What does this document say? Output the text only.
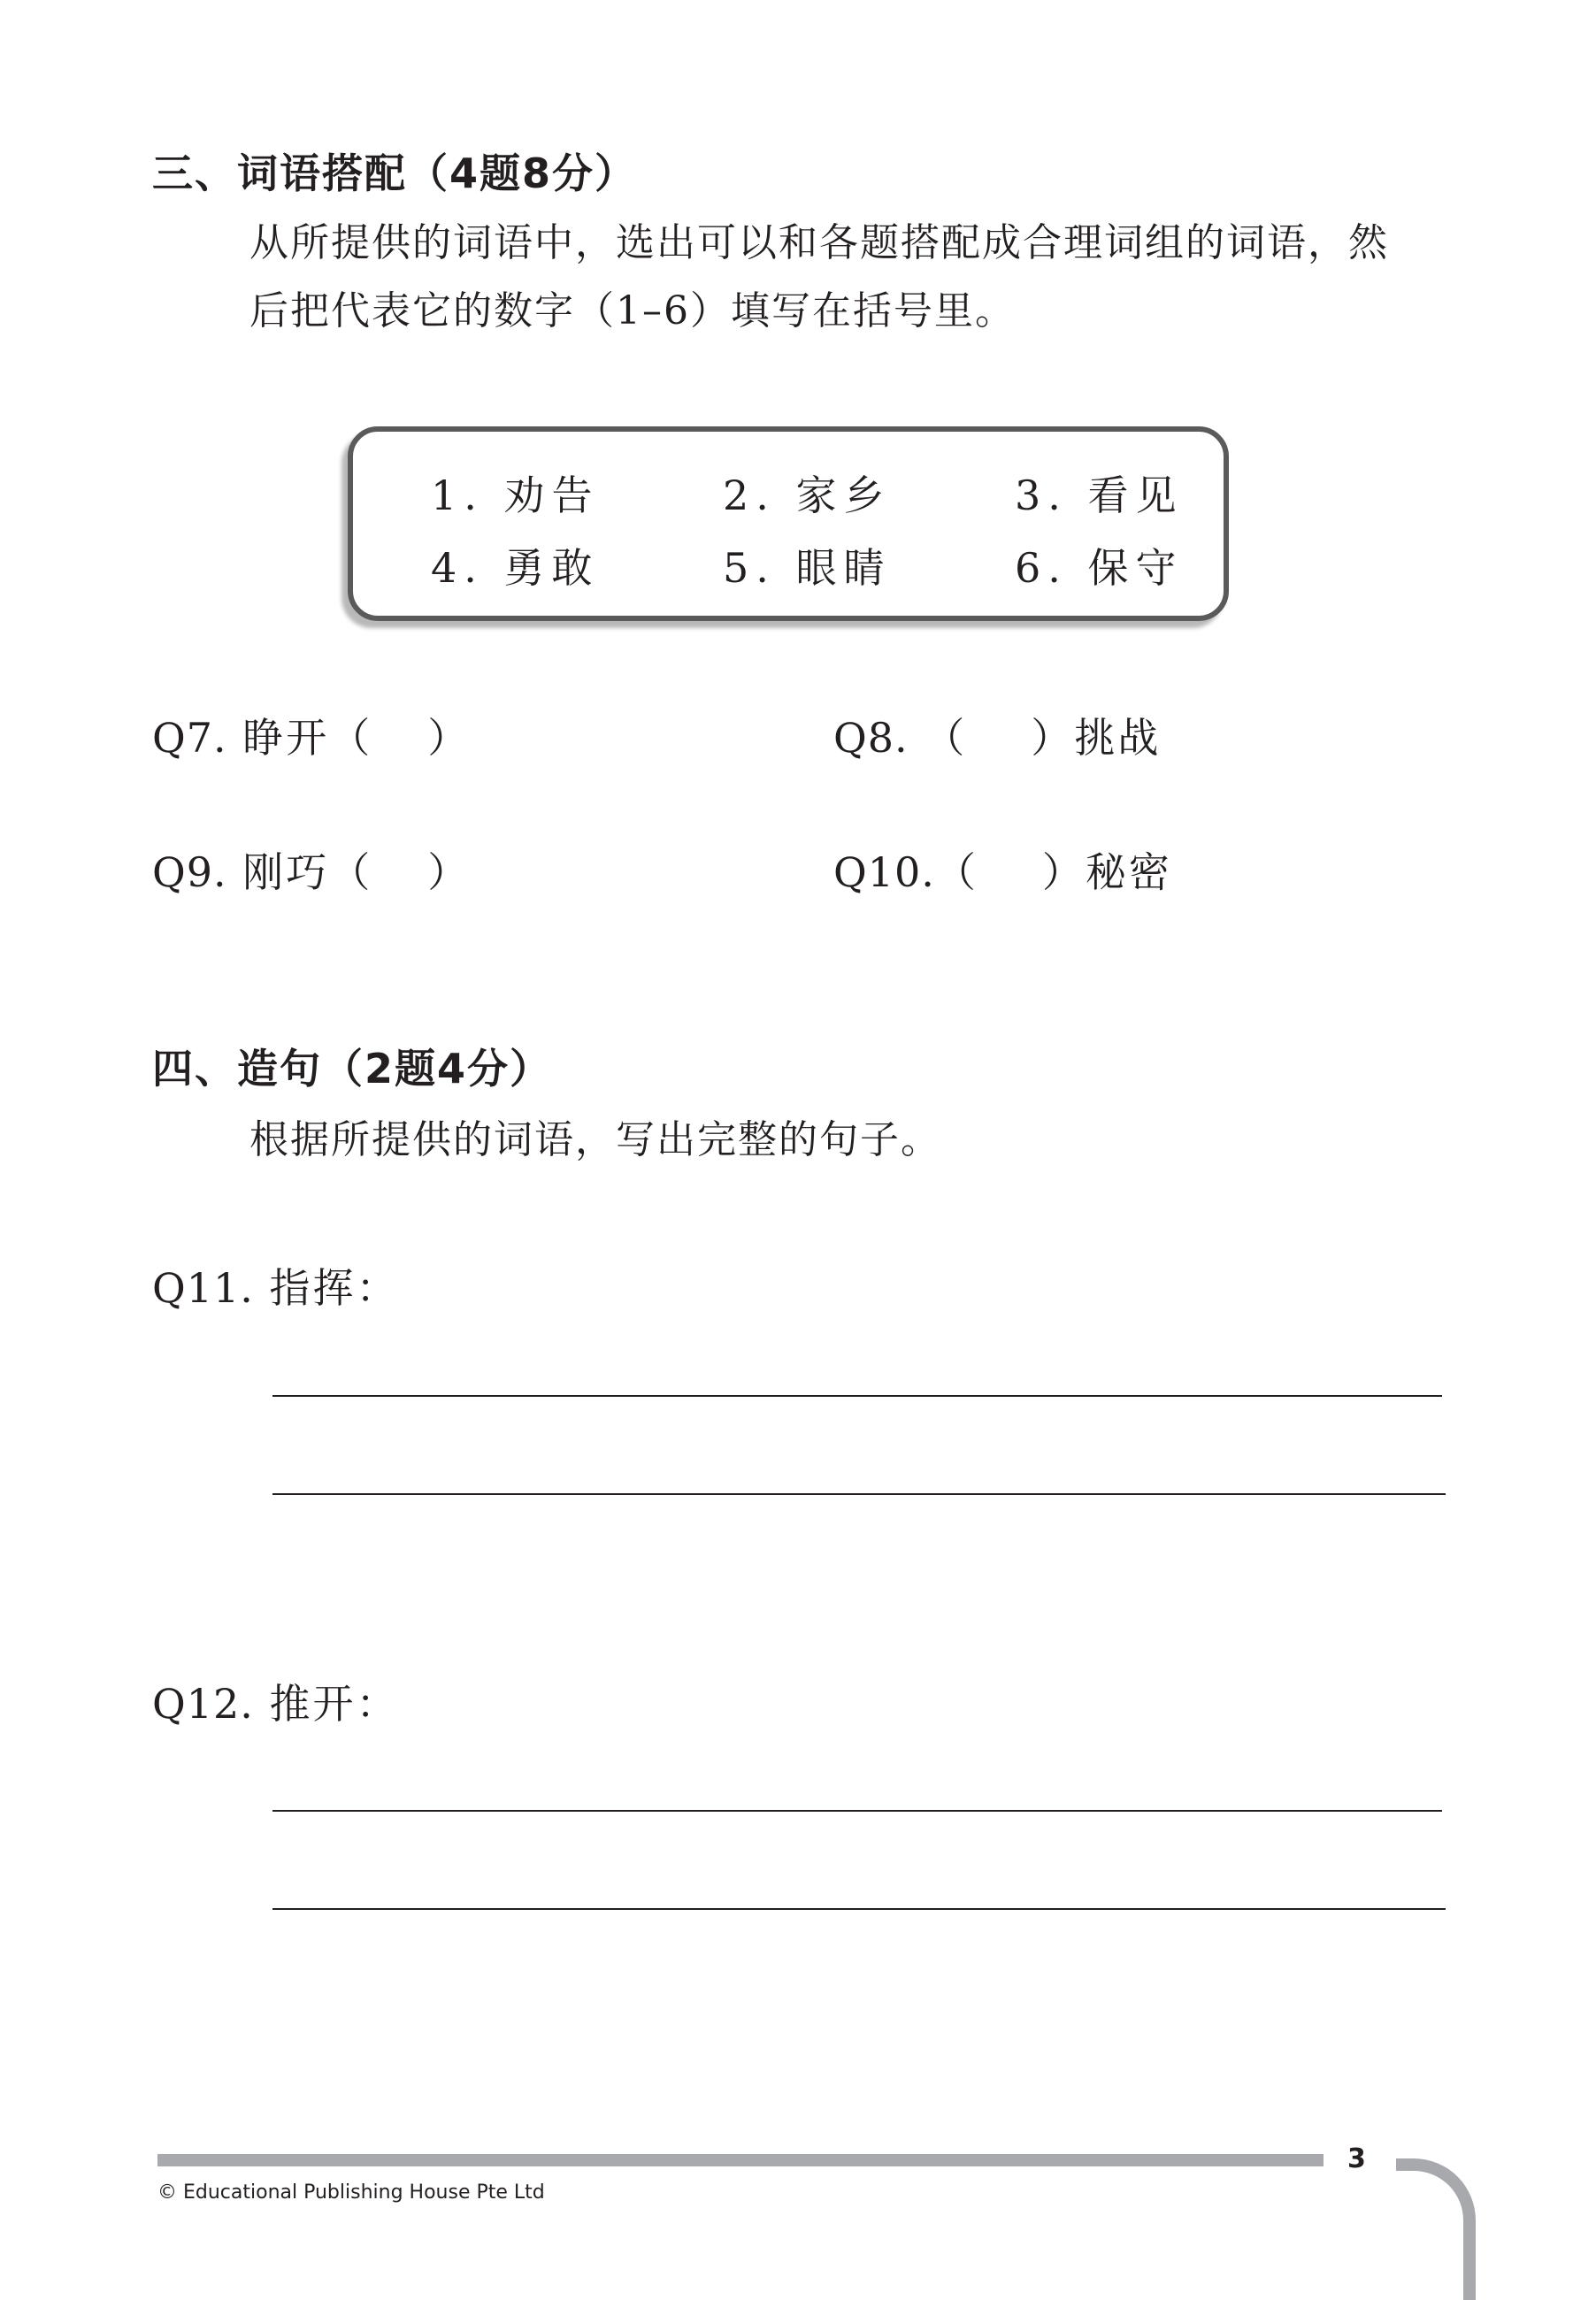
三、词语搭配（4题8分）
从所提供的词语中，选出可以和各题搭配成合理词组的词语，然
后把代表它的数字（1–6）填写在括号里。
1. 劝告	2. 家乡	3. 看见
4. 勇敢	5. 眼睛	6. 保守
Q7. 睁开（ ）	Q8. （ ） 挑战
Q9. 刚巧（ ）	Q10.（ ） 秘密
四、造句（2题4分）
根据所提供的词语，写出完整的句子。
Q11. 指挥：
Q12. 推开：
3
© Educational Publishing House Pte Ltd
